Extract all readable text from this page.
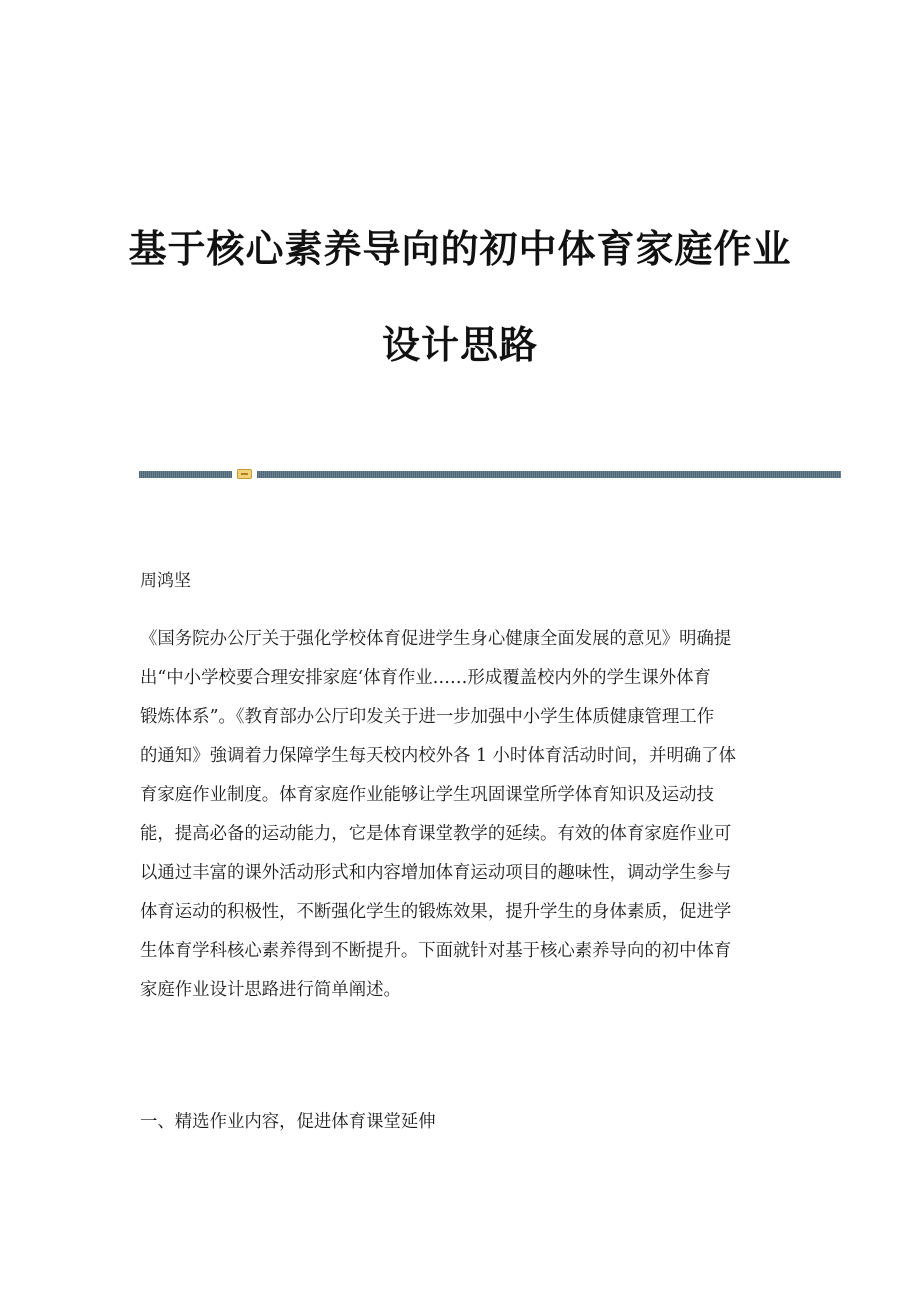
基于核心素养导向的初中体育家庭作业
设计思路
周鸿坚
《国务院办公厅关于强化学校体育促进学生身心健康全面发展的意见》明确提
出“中小学校要合理安排家庭‘体育作业……形成覆盖校内外的学生课外体育
锻炼体系”。《教育部办公厅印发关于进一步加强中小学生体质健康管理工作
的通知》強调着力保障学生每天校内校外各 1 小时体育活动时间，并明确了体
育家庭作业制度。体育家庭作业能够让学生巩固课堂所学体育知识及运动技
能，提高必备的运动能力，它是体育课堂教学的延续。有效的体育家庭作业可
以通过丰富的课外活动形式和内容增加体育运动项目的趣味性，调动学生参与
体育运动的积极性，不断强化学生的锻炼效果，提升学生的身体素质，促进学
生体育学科核心素养得到不断提升。下面就针对基于核心素养导向的初中体育
家庭作业设计思路进行简单阐述。
一、精选作业内容，促进体育课堂延伸
